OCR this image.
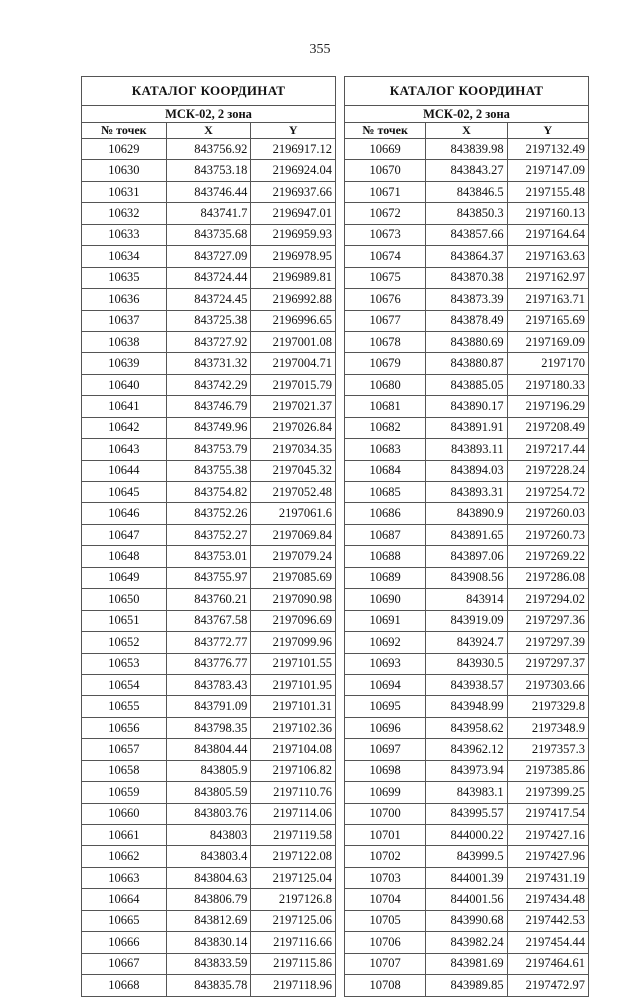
355
КАТАЛОГ КООРДИНАТ		
МСК-02, 2 зона		
№ точек	X	Y
10629	843756.92	2196917.12
10630	843753.18	2196924.04
10631	843746.44	2196937.66
10632	843741.7	2196947.01
10633	843735.68	2196959.93
10634	843727.09	2196978.95
10635	843724.44	2196989.81
10636	843724.45	2196992.88
10637	843725.38	2196996.65
10638	843727.92	2197001.08
10639	843731.32	2197004.71
10640	843742.29	2197015.79
10641	843746.79	2197021.37
10642	843749.96	2197026.84
10643	843753.79	2197034.35
10644	843755.38	2197045.32
10645	843754.82	2197052.48
10646	843752.26	2197061.6
10647	843752.27	2197069.84
10648	843753.01	2197079.24
10649	843755.97	2197085.69
10650	843760.21	2197090.98
10651	843767.58	2197096.69
10652	843772.77	2197099.96
10653	843776.77	2197101.55
10654	843783.43	2197101.95
10655	843791.09	2197101.31
10656	843798.35	2197102.36
10657	843804.44	2197104.08
10658	843805.9	2197106.82
10659	843805.59	2197110.76
10660	843803.76	2197114.06
10661	843803	2197119.58
10662	843803.4	2197122.08
10663	843804.63	2197125.04
10664	843806.79	2197126.8
10665	843812.69	2197125.06
10666	843830.14	2197116.66
10667	843833.59	2197115.86
10668	843835.78	2197118.96
КАТАЛОГ КООРДИНАТ		
МСК-02, 2 зона		
№ точек	X	Y
10669	843839.98	2197132.49
10670	843843.27	2197147.09
10671	843846.5	2197155.48
10672	843850.3	2197160.13
10673	843857.66	2197164.64
10674	843864.37	2197163.63
10675	843870.38	2197162.97
10676	843873.39	2197163.71
10677	843878.49	2197165.69
10678	843880.69	2197169.09
10679	843880.87	2197170
10680	843885.05	2197180.33
10681	843890.17	2197196.29
10682	843891.91	2197208.49
10683	843893.11	2197217.44
10684	843894.03	2197228.24
10685	843893.31	2197254.72
10686	843890.9	2197260.03
10687	843891.65	2197260.73
10688	843897.06	2197269.22
10689	843908.56	2197286.08
10690	843914	2197294.02
10691	843919.09	2197297.36
10692	843924.7	2197297.39
10693	843930.5	2197297.37
10694	843938.57	2197303.66
10695	843948.99	2197329.8
10696	843958.62	2197348.9
10697	843962.12	2197357.3
10698	843973.94	2197385.86
10699	843983.1	2197399.25
10700	843995.57	2197417.54
10701	844000.22	2197427.16
10702	843999.5	2197427.96
10703	844001.39	2197431.19
10704	844001.56	2197434.48
10705	843990.68	2197442.53
10706	843982.24	2197454.44
10707	843981.69	2197464.61
10708	843989.85	2197472.97
